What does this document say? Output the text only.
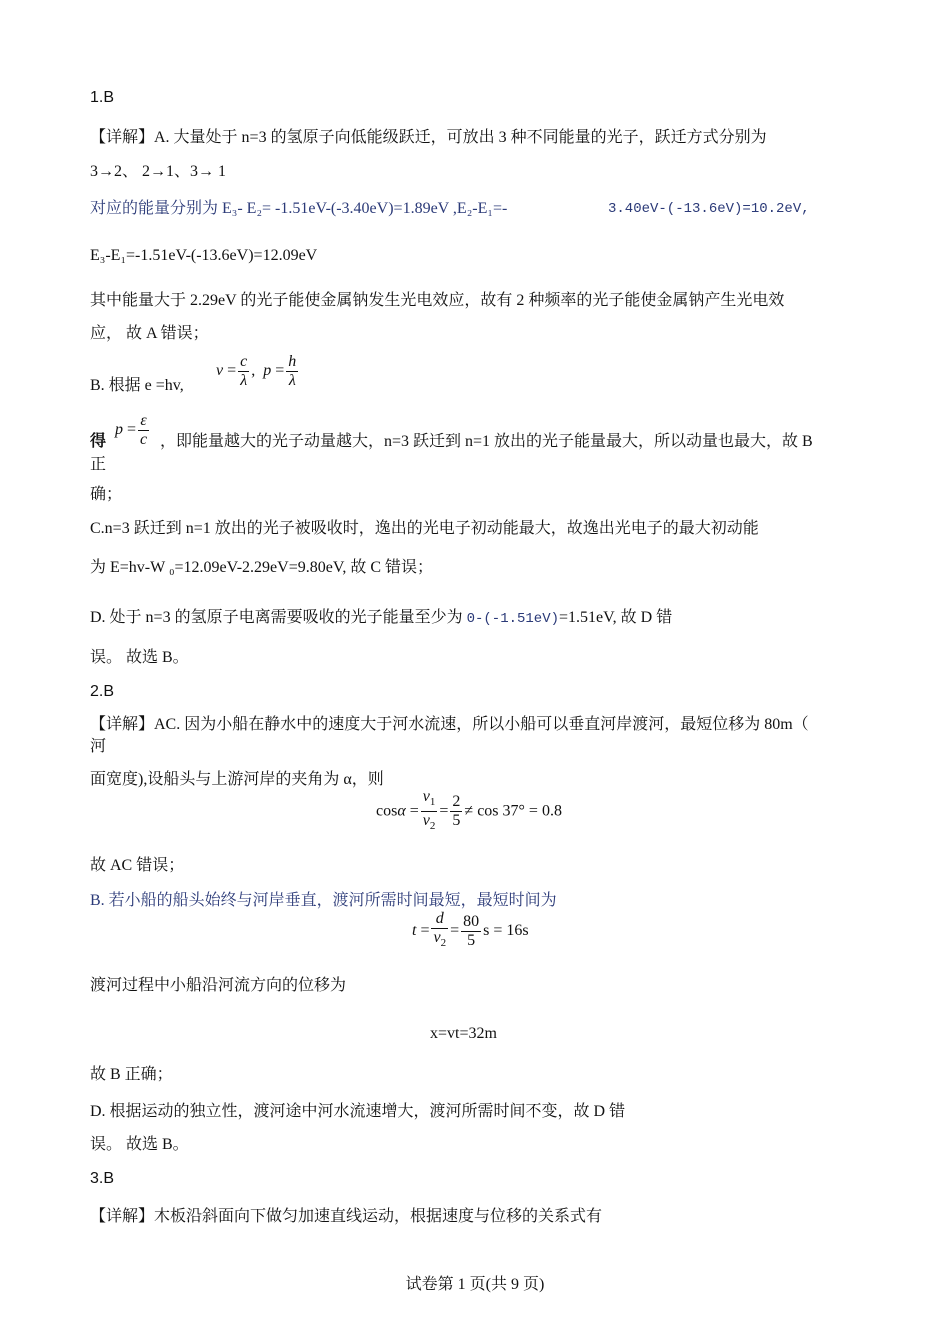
1.B
【详解】A. 大量处于 n=3 的氢原子向低能级跃迁，可放出 3 种不同能量的光子，跃迁方式分别为
3→2、 2→1、3→ 1
对应的能量分别为 E₃- E₂= -1.51eV-(-3.40eV)=1.89eV ,E₂-E₁=-	3.40eV-(-13.6eV)=10.2eV,
E₃-E₁=-1.51eV-(-13.6eV)=12.09eV
其中能量大于 2.29eV 的光子能使金属钠发生光电效应，故有 2 种频率的光子能使金属钠产生光电效
应， 故 A 错误；
B. 根据 e =hv,
$\nu = \frac{c}{\lambda}$ ,  $p = \frac{h}{\lambda}$
得
$p = \frac{\varepsilon}{c}$ ，即能量越大的光子动量越大，n=3 跃迁到 n=1 放出的光子能量最大，所以动量也最大，故 B
正
确；
C.n=3 跃迁到 n=1 放出的光子被吸收时，逸出的光电子初动能最大，故逸出光电子的最大初动能
为 E=hv-W ₀=12.09eV-2.29eV=9.80eV, 故 C 错误；
D. 处于 n=3 的氢原子电离需要吸收的光子能量至少为 0-(-1.51eV)=1.51eV, 故 D 错
误。 故选 B。
2.B
【详解】AC. 因为小船在静水中的速度大于河水流速，所以小船可以垂直河岸渡河，最短位移为 80m（
河
面宽度),设船头与上游河岸的夹角为 α，则
$\cos\alpha = \frac{v_1}{v_2} = \frac{2}{5} \ne \cos 37^\circ = 0.8$
故 AC 错误；
B. 若小船的船头始终与河岸垂直，渡河所需时间最短，最短时间为
$t = \frac{d}{v_2} = \frac{80}{5}$ s = 16s
渡河过程中小船沿河流方向的位移为
x=vt=32m
故 B 正确；
D. 根据运动的独立性，渡河途中河水流速增大，渡河所需时间不变，故 D 错
误。 故选 B。
3.B
【详解】木板沿斜面向下做匀加速直线运动，根据速度与位移的关系式有
试卷第 1 页(共 9 页)
